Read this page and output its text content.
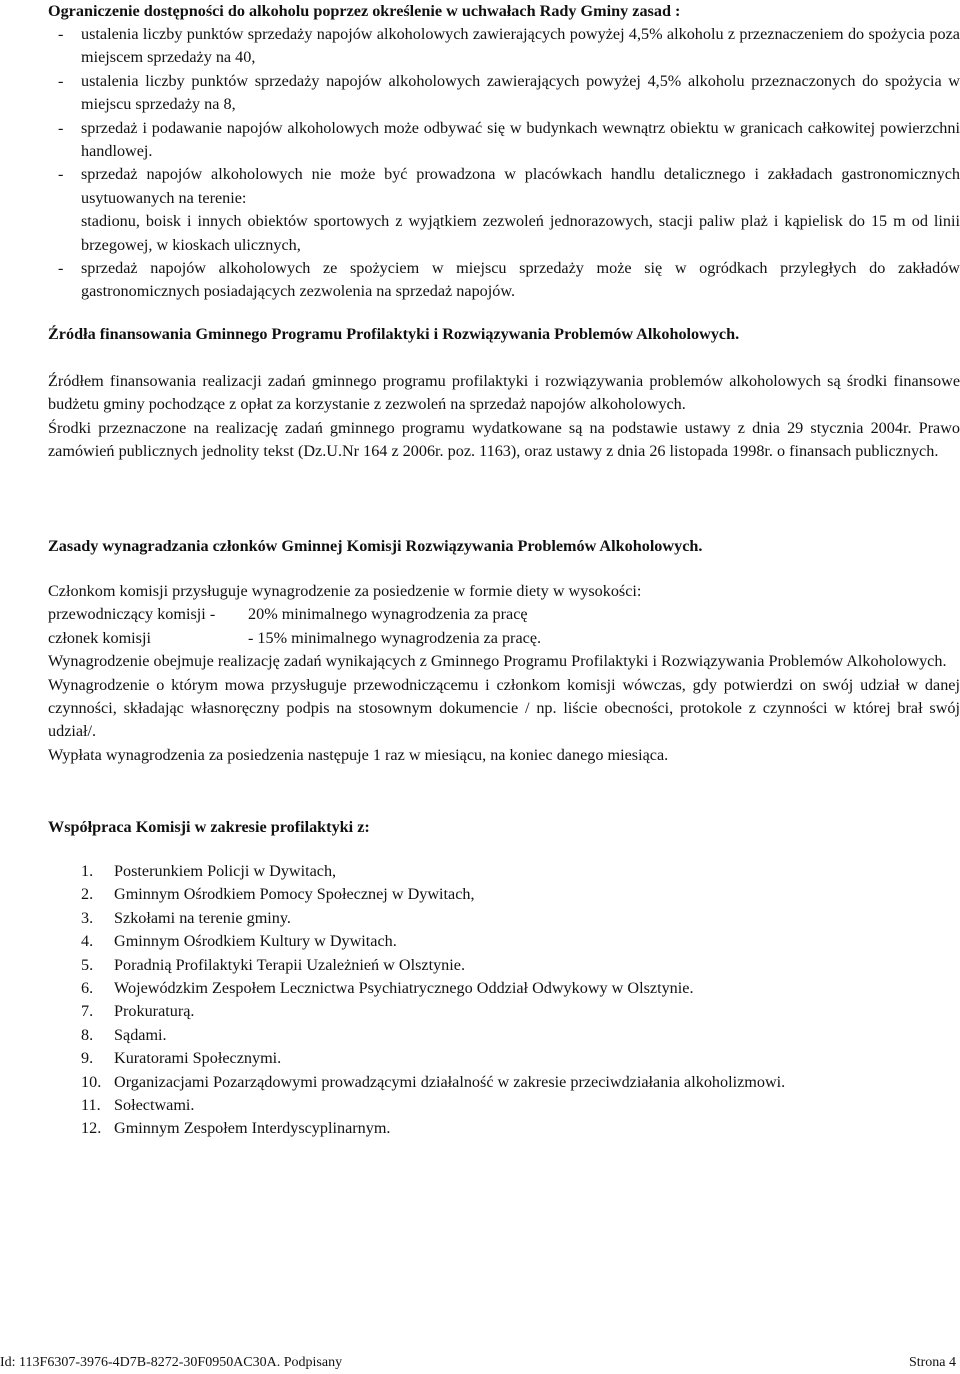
Ograniczenie dostępności do alkoholu poprzez określenie w uchwałach Rady Gminy zasad :

- ustalenia liczby punktów sprzedaży napojów alkoholowych zawierających powyżej 4,5% alkoholu z przeznaczeniem do spożycia poza miejscem sprzedaży na 40,
- ustalenia liczby punktów sprzedaży napojów alkoholowych zawierających powyżej 4,5% alkoholu przeznaczonych do spożycia w miejscu sprzedaży na 8,
- sprzedaż i podawanie napojów alkoholowych może odbywać się w budynkach wewnątrz obiektu w granicach całkowitej powierzchni handlowej.
- sprzedaż napojów alkoholowych nie może być prowadzona w placówkach handlu detalicznego i zakładach gastronomicznych usytuowanych na terenie:
stadionu, boisk i innych obiektów sportowych z wyjątkiem zezwoleń jednorazowych, stacji paliw plaż i kąpielisk do 15 m od linii brzegowej, w kioskach ulicznych,
- sprzedaż napojów alkoholowych ze spożyciem w miejscu sprzedaży może się w ogródkach przyległych do zakładów gastronomicznych posiadających zezwolenia na sprzedaż napojów.

Źródła finansowania Gminnego Programu Profilaktyki i Rozwiązywania Problemów Alkoholowych.

Źródłem finansowania realizacji zadań gminnego programu profilaktyki i rozwiązywania problemów alkoholowych są środki finansowe budżetu gminy pochodzące z opłat za korzystanie z zezwoleń na sprzedaż napojów alkoholowych.

Środki przeznaczone na realizację zadań gminnego programu wydatkowane są na podstawie ustawy z dnia 29 stycznia 2004r. Prawo zamówień publicznych jednolity tekst (Dz.U.Nr 164 z 2006r. poz. 1163), oraz ustawy z dnia 26 listopada 1998r. o finansach publicznych.

Zasady wynagradzania członków Gminnej Komisji Rozwiązywania Problemów Alkoholowych.

Członkom komisji przysługuje wynagrodzenie za posiedzenie w formie diety w wysokości:

przewodniczący komisji -	20% minimalnego wynagrodzenia za pracę
członek komisji	- 15% minimalnego wynagrodzenia za pracę.

Wynagrodzenie obejmuje realizację zadań wynikających z Gminnego Programu Profilaktyki i Rozwiązywania Problemów Alkoholowych.

Wynagrodzenie o którym mowa przysługuje przewodniczącemu i członkom komisji wówczas, gdy potwierdzi on swój udział w danej czynności, składając własnoręczny podpis na stosownym dokumencie / np. liście obecności, protokole z czynności w której brał swój udział/.

Wypłata wynagrodzenia za posiedzenia następuje 1 raz w miesiącu, na koniec danego miesiąca.

Współpraca Komisji w zakresie profilaktyki z:

1.	Posterunkiem Policji w Dywitach,
2.	Gminnym Ośrodkiem Pomocy Społecznej w Dywitach,
3.	Szkołami na terenie gminy.
4.	Gminnym Ośrodkiem Kultury w Dywitach.
5.	Poradnią Profilaktyki Terapii Uzależnień w Olsztynie.
6.	Wojewódzkim Zespołem Lecznictwa Psychiatrycznego Oddział Odwykowy w Olsztynie.
7.	Prokuraturą.
8.	Sądami.
9.	Kuratorami Społecznymi.
10. Organizacjami Pozarządowymi prowadzącymi działalność w zakresie przeciwdziałania alkoholizmowi.
11. Sołectwami.
12. Gminnym Zespołem Interdyscyplinarnym.
Id: 113F6307-3976-4D7B-8272-30F0950AC30A. Podpisany	Strona 4
